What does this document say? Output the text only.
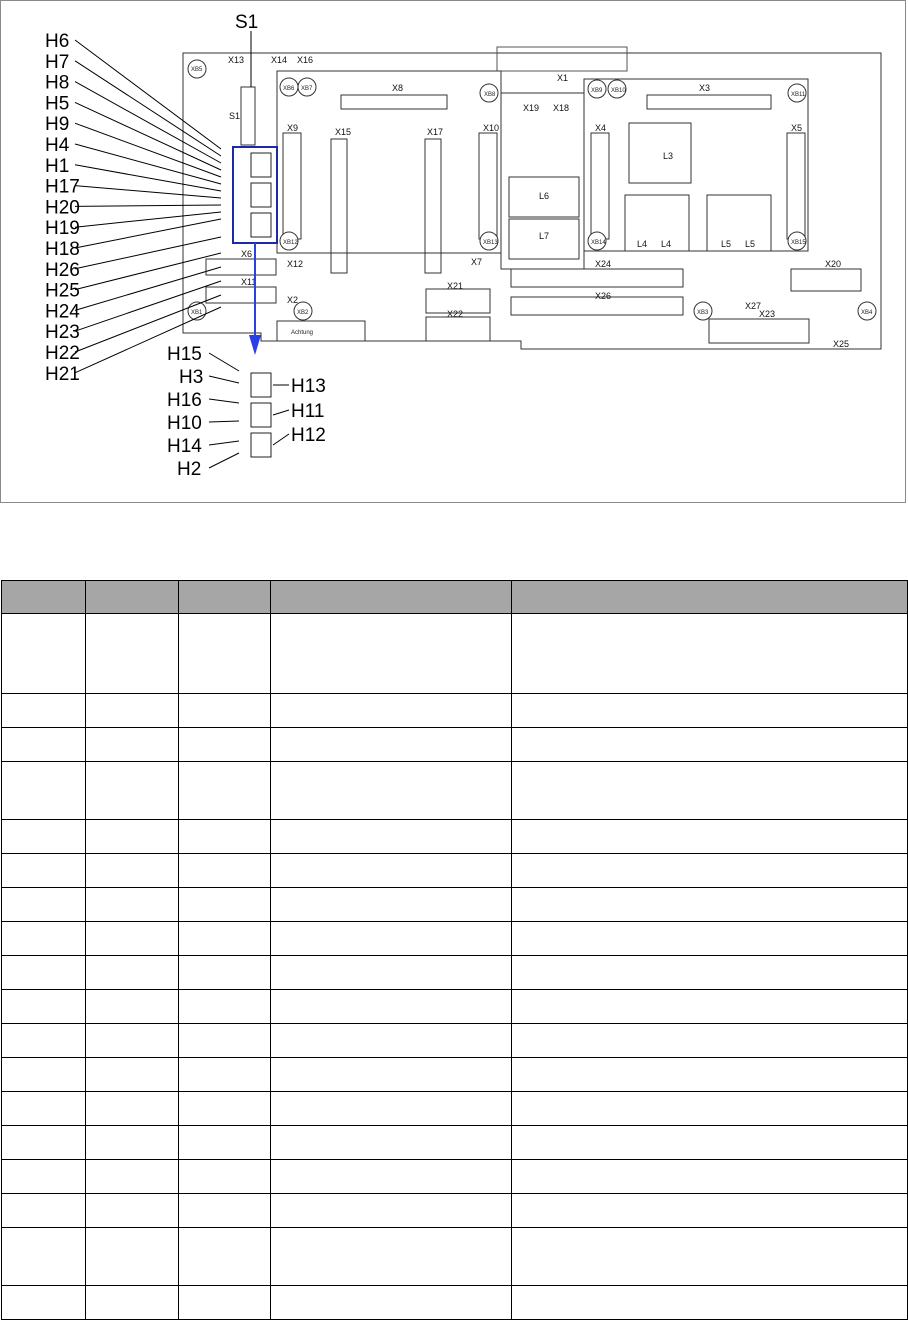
XB5
XB6 XB7
XB8
XB9 XB10
XB11
XB12	XB13	XB14	XB15
XB1	XB2	XB3	XB4
X13	X14 X16
X8
X1
X19 X18
X3
X9	X15	X17	X10	X4	X5
X6
X12
X11
X2
X7	X24	X20
X21
X26
X22	X23
X27
X25
L3
L6
L7
L4 L4	L5 L5
S1
Achtung
H6
H7
H8
H5
H9
H4
H1
H17
H20
H19
H18
H26
H25
H24
H23
H22
H21
S1
H15
H3
H16
H10
H14
H2
H13
H11
H12
